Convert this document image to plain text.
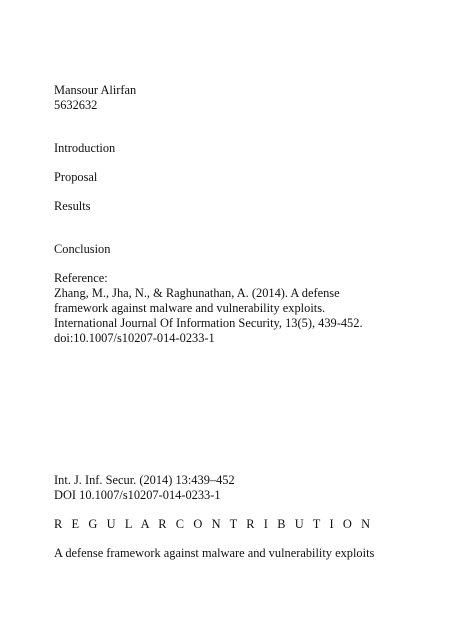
Mansour Alirfan
5632632
Introduction
Proposal
Results
Conclusion
Reference:
Zhang, M., Jha, N., & Raghunathan, A. (2014). A defense
framework against malware and vulnerability exploits.
International Journal Of Information Security, 13(5), 439-452.
doi:10.1007/s10207-014-0233-1
Int. J. Inf. Secur. (2014) 13:439–452
DOI 10.1007/s10207-014-0233-1
R E G U L A R C O N T R I B U T I O N
A defense framework against malware and vulnerability exploits
